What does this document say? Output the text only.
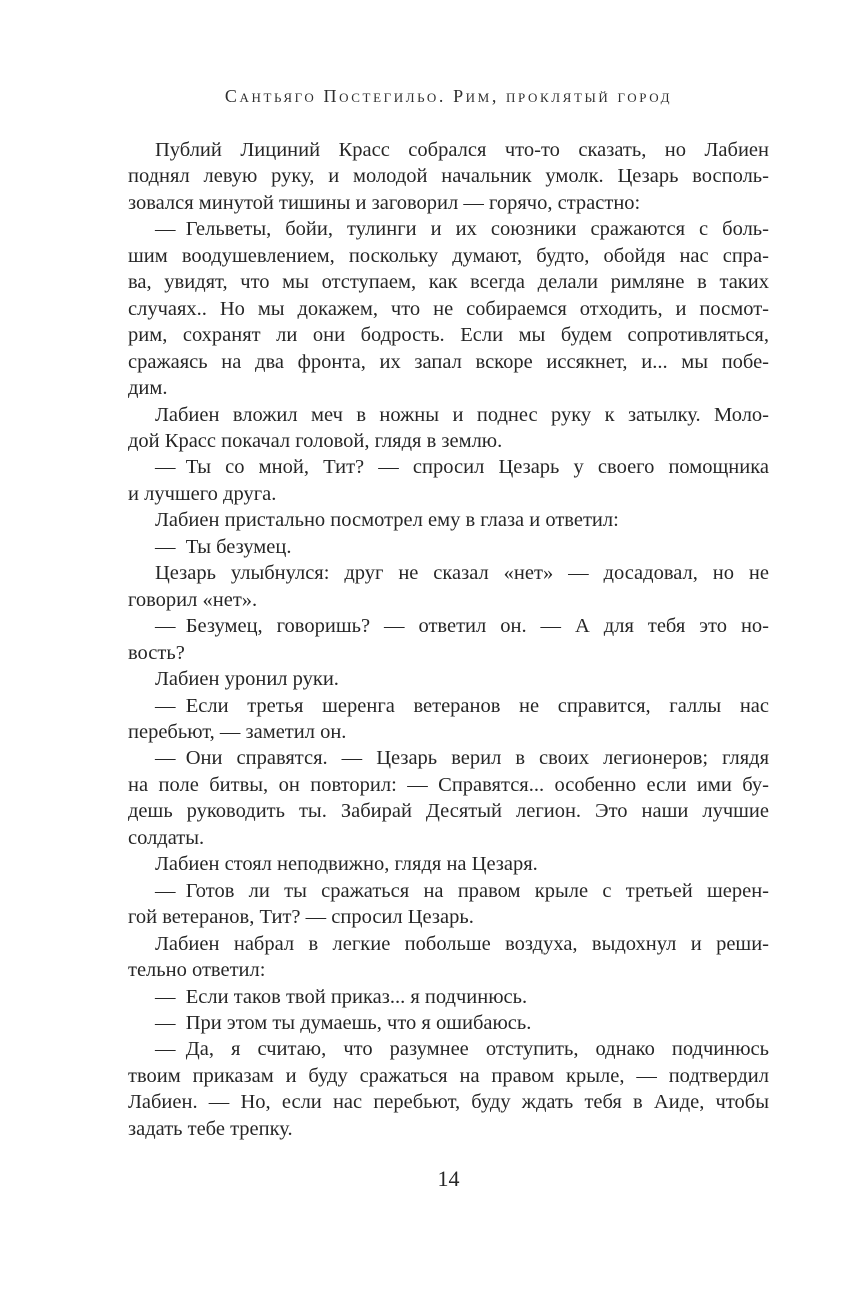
Сантьяго Постегильо. Рим, проклятый город
Публий Лициний Красс собрался что-то сказать, но Лабиен
поднял левую руку, и молодой начальник умолк. Цезарь восполь-
зовался минутой тишины и заговорил — горячо, страстно:
— Гельветы, бойи, тулинги и их союзники сражаются с боль-
шим воодушевлением, поскольку думают, будто, обойдя нас спра-
ва, увидят, что мы отступаем, как всегда делали римляне в таких
случаях.. Но мы докажем, что не собираемся отходить, и посмот-
рим, сохранят ли они бодрость. Если мы будем сопротивляться,
сражаясь на два фронта, их запал вскоре иссякнет, и... мы побе-
дим.
Лабиен вложил меч в ножны и поднес руку к затылку. Моло-
дой Красс покачал головой, глядя в землю.
— Ты со мной, Тит? — спросил Цезарь у своего помощника
и лучшего друга.
Лабиен пристально посмотрел ему в глаза и ответил:
— Ты безумец.
Цезарь улыбнулся: друг не сказал «нет» — досадовал, но не
говорил «нет».
— Безумец, говоришь? — ответил он. — А для тебя это но-
вость?
Лабиен уронил руки.
— Если третья шеренга ветеранов не справится, галлы нас
перебьют, — заметил он.
— Они справятся. — Цезарь верил в своих легионеров; глядя
на поле битвы, он повторил: — Справятся... особенно если ими бу-
дешь руководить ты. Забирай Десятый легион. Это наши лучшие
солдаты.
Лабиен стоял неподвижно, глядя на Цезаря.
— Готов ли ты сражаться на правом крыле с третьей шерен-
гой ветеранов, Тит? — спросил Цезарь.
Лабиен набрал в легкие побольше воздуха, выдохнул и реши-
тельно ответил:
— Если таков твой приказ... я подчинюсь.
— При этом ты думаешь, что я ошибаюсь.
— Да, я считаю, что разумнее отступить, однако подчинюсь
твоим приказам и буду сражаться на правом крыле, — подтвердил
Лабиен. — Но, если нас перебьют, буду ждать тебя в Аиде, чтобы
задать тебе трепку.
14
